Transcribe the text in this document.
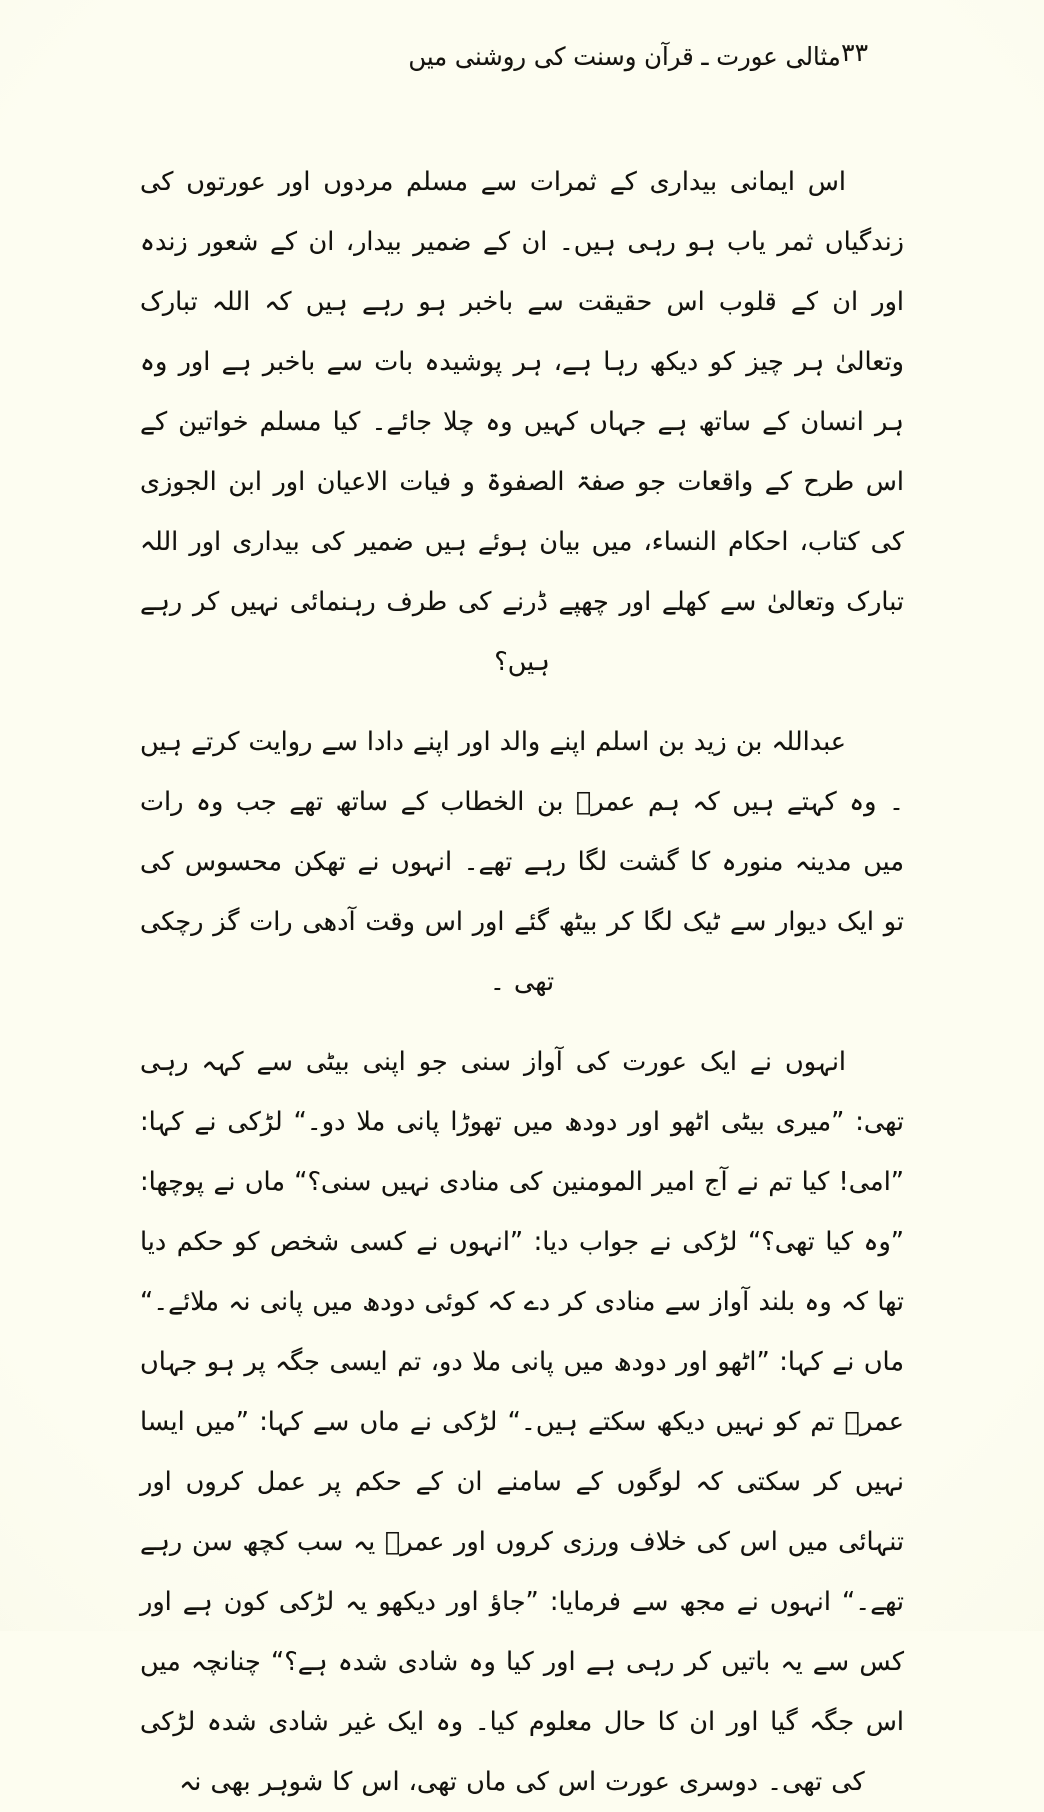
۳۳
مثالی عورت ـ قرآن وسنت کی روشنی میں

اس ایمانی بیداری کے ثمرات سے مسلم مردوں اور عورتوں کی زندگیاں ثمر یاب ہو رہی ہیں۔ ان کے ضمیر بیدار، ان کے شعور زندہ اور ان کے قلوب اس حقیقت سے باخبر ہو رہے ہیں کہ اللہ تبارک وتعالیٰ ہر چیز کو دیکھ رہا ہے، ہر پوشیدہ بات سے باخبر ہے اور وہ ہر انسان کے ساتھ ہے جہاں کہیں وہ چلا جائے۔ کیا مسلم خواتین کے اس طرح کے واقعات جو صفۃ الصفوۃ و فیات الاعیان اور ابن الجوزی کی کتاب، احکام النساء، میں بیان ہوئے ہیں ضمیر کی بیداری اور اللہ تبارک وتعالیٰ سے کھلے اور چھپے ڈرنے کی طرف رہنمائی نہیں کر رہے ہیں؟

عبداللہ بن زید بن اسلم اپنے والد اور اپنے دادا سے روایت کرتے ہیں ۔ وہ کہتے ہیں کہ ہم عمرؓ بن الخطاب کے ساتھ تھے جب وہ رات میں مدینہ منورہ کا گشت لگا رہے تھے۔ انہوں نے تھکن محسوس کی تو ایک دیوار سے ٹیک لگا کر بیٹھ گئے اور اس وقت آدھی رات گز رچکی تھی ۔

انہوں نے ایک عورت کی آواز سنی جو اپنی بیٹی سے کہہ رہی تھی: ”میری بیٹی اٹھو اور دودھ میں تھوڑا پانی ملا دو۔“ لڑکی نے کہا: ”امی! کیا تم نے آج امیر المومنین کی منادی نہیں سنی؟“ ماں نے پوچھا: ”وہ کیا تھی؟“ لڑکی نے جواب دیا: ”انہوں نے کسی شخص کو حکم دیا تھا کہ وہ بلند آواز سے منادی کر دے کہ کوئی دودھ میں پانی نہ ملائے۔“ ماں نے کہا: ”اٹھو اور دودھ میں پانی ملا دو، تم ایسی جگہ پر ہو جہاں عمرؓ تم کو نہیں دیکھ سکتے ہیں۔“ لڑکی نے ماں سے کہا: ”میں ایسا نہیں کر سکتی کہ لوگوں کے سامنے ان کے حکم پر عمل کروں اور تنہائی میں اس کی خلاف ورزی کروں اور عمرؓ یہ سب کچھ سن رہے تھے۔“ انہوں نے مجھ سے فرمایا: ”جاؤ اور دیکھو یہ لڑکی کون ہے اور کس سے یہ باتیں کر رہی ہے اور کیا وہ شادی شدہ ہے؟“ چنانچہ میں اس جگہ گیا اور ان کا حال معلوم کیا۔ وہ ایک غیر شادی شدہ لڑکی کی تھی۔ دوسری عورت اس کی ماں تھی، اس کا شوہر بھی نہ
